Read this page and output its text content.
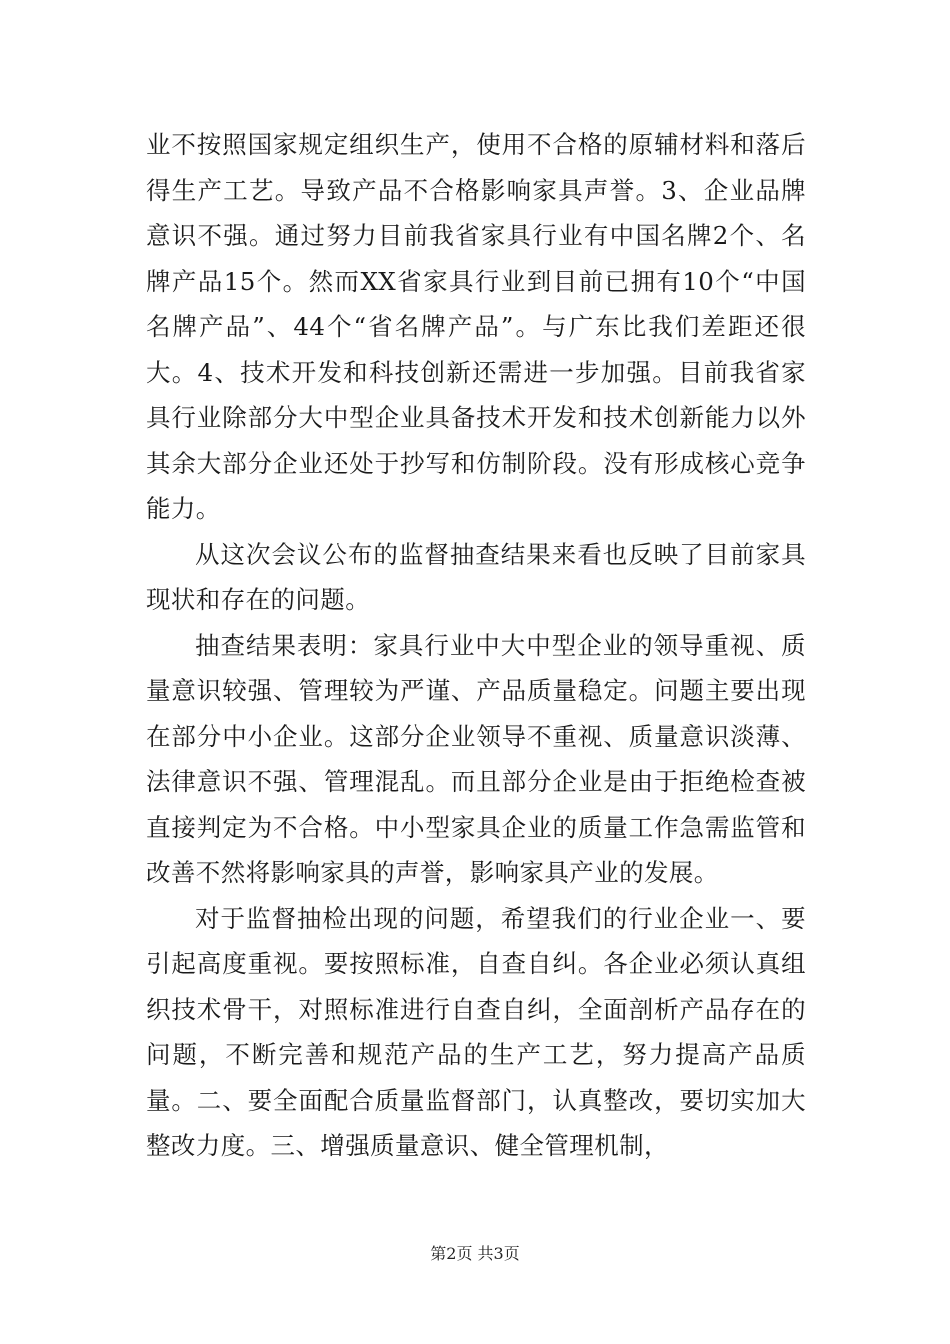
业不按照国家规定组织生产，使用不合格的原辅材料和落后得生产工艺。导致产品不合格影响家具声誉。3、企业品牌意识不强。通过努力目前我省家具行业有中国名牌2个、名牌产品15个。然而XX省家具行业到目前已拥有10个“中国名牌产品”、44个“省名牌产品”。与广东比我们差距还很大。4、技术开发和科技创新还需进一步加强。目前我省家具行业除部分大中型企业具备技术开发和技术创新能力以外其余大部分企业还处于抄写和仿制阶段。没有形成核心竞争能力。

从这次会议公布的监督抽查结果来看也反映了目前家具现状和存在的问题。

抽查结果表明：家具行业中大中型企业的领导重视、质量意识较强、管理较为严谨、产品质量稳定。问题主要出现在部分中小企业。这部分企业领导不重视、质量意识淡薄、法律意识不强、管理混乱。而且部分企业是由于拒绝检查被直接判定为不合格。中小型家具企业的质量工作急需监管和改善不然将影响家具的声誉，影响家具产业的发展。

对于监督抽检出现的问题，希望我们的行业企业一、要引起高度重视。要按照标准，自查自纠。各企业必须认真组织技术骨干，对照标准进行自查自纠，全面剖析产品存在的问题，不断完善和规范产品的生产工艺，努力提高产品质量。二、要全面配合质量监督部门，认真整改，要切实加大整改力度。三、增强质量意识、健全管理机制，

第2页 共3页
